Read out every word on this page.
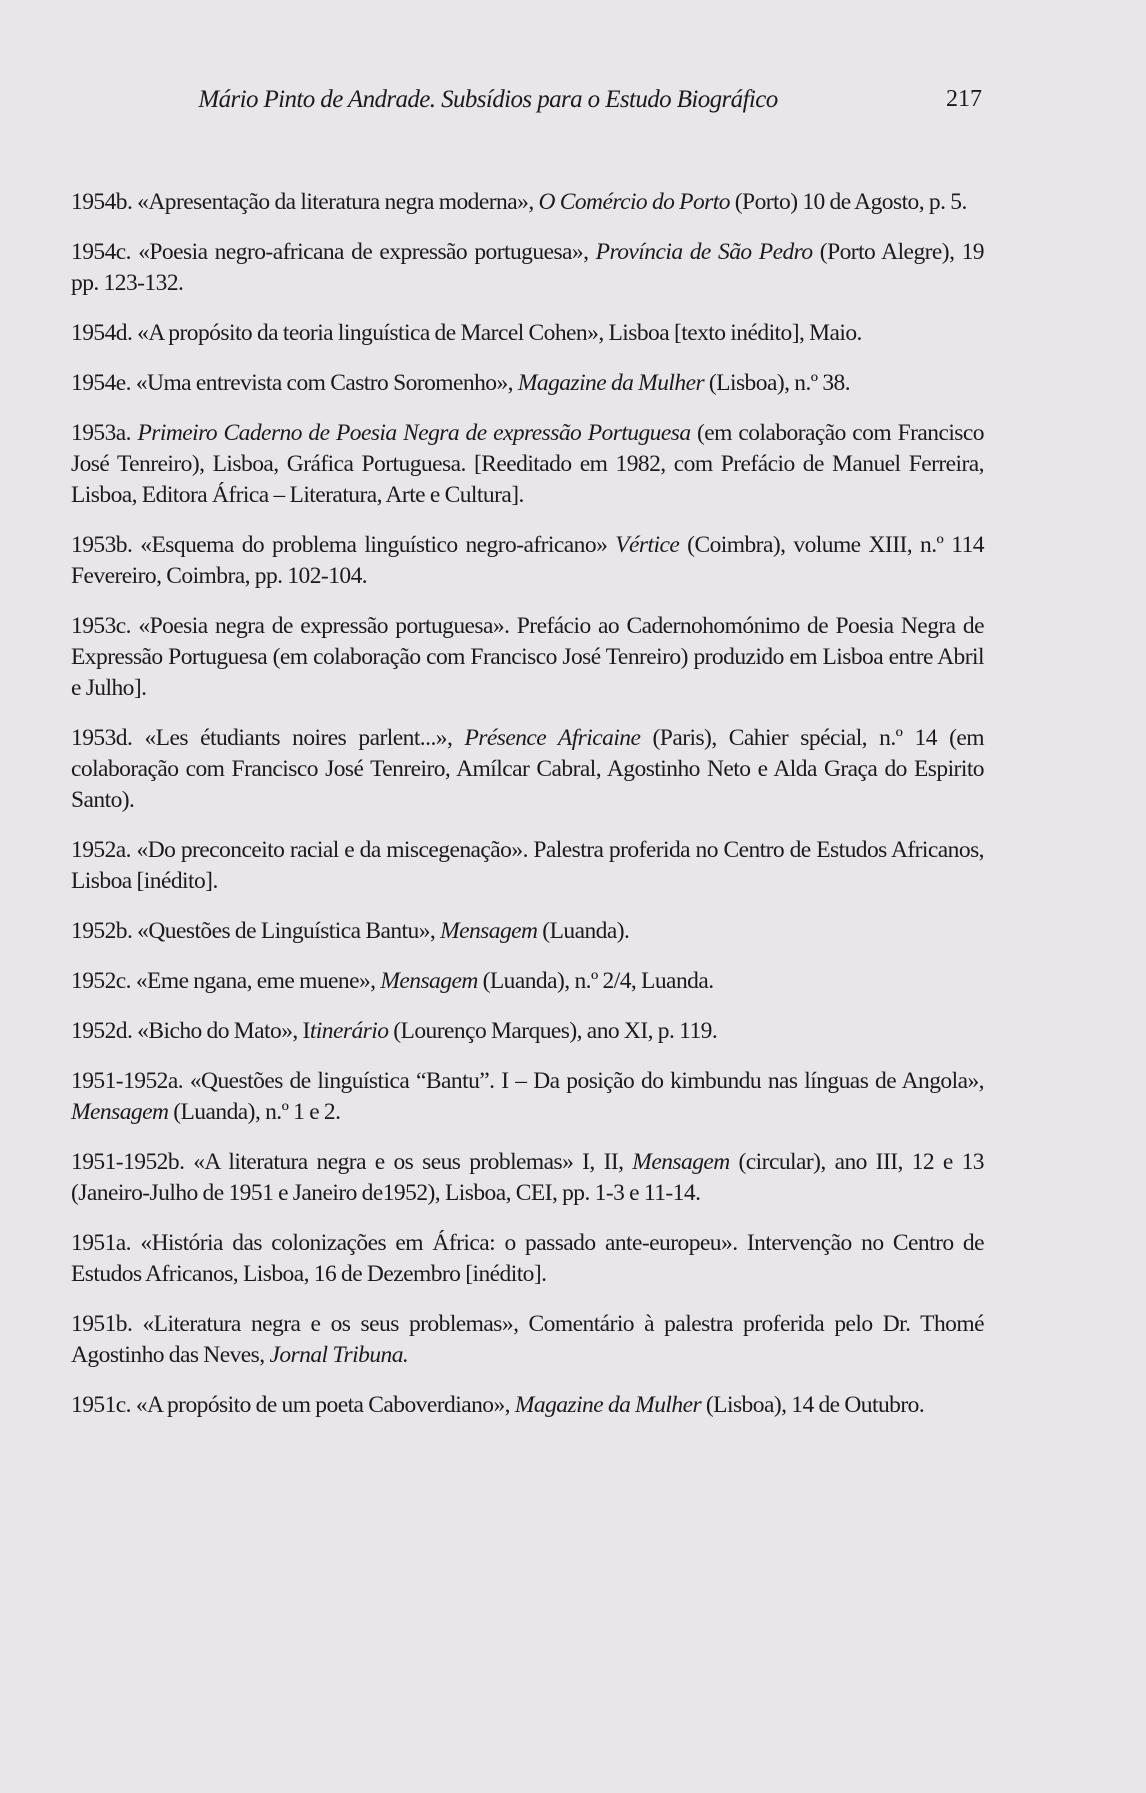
Mário Pinto de Andrade. Subsídios para o Estudo Biográfico	217

1954b. «Apresentação da literatura negra moderna», O Comércio do Porto (Porto) 10 de Agosto, p. 5.

1954c. «Poesia negro-africana de expressão portuguesa», Província de São Pedro (Porto Alegre), 19 pp. 123-132.

1954d. «A propósito da teoria linguística de Marcel Cohen», Lisboa [texto inédito], Maio.

1954e. «Uma entrevista com Castro Soromenho», Magazine da Mulher (Lisboa), n.º 38.

1953a. Primeiro Caderno de Poesia Negra de expressão Portuguesa (em colaboração com Francisco José Tenreiro), Lisboa, Gráfica Portuguesa. [Reeditado em 1982, com Prefácio de Manuel Ferreira, Lisboa, Editora África – Literatura, Arte e Cultura].

1953b. «Esquema do problema linguístico negro-africano» Vértice (Coimbra), volume XIII, n.º 114 Fevereiro, Coimbra, pp. 102-104.

1953c. «Poesia negra de expressão portuguesa». Prefácio ao Cadernohomónimo de Poesia Negra de Expressão Portuguesa (em colaboração com Francisco José Tenreiro) produzido em Lisboa entre Abril e Julho].

1953d. «Les étudiants noires parlent...», Présence Africaine (Paris), Cahier spécial, n.º 14 (em colaboração com Francisco José Tenreiro, Amílcar Cabral, Agostinho Neto e Alda Graça do Espirito Santo).

1952a. «Do preconceito racial e da miscegenação». Palestra proferida no Centro de Estudos Africanos, Lisboa [inédito].

1952b. «Questões de Linguística Bantu», Mensagem (Luanda).

1952c. «Eme ngana, eme muene», Mensagem (Luanda), n.º 2/4, Luanda.

1952d. «Bicho do Mato», Itinerário (Lourenço Marques), ano XI, p. 119.

1951-1952a. «Questões de linguística “Bantu”. I – Da posição do kimbundu nas línguas de Angola», Mensagem (Luanda), n.º 1 e 2.

1951-1952b. «A literatura negra e os seus problemas» I, II, Mensagem (circular), ano III, 12 e 13 (Janeiro-Julho de 1951 e Janeiro de1952), Lisboa, CEI, pp. 1-3 e 11-14.

1951a. «História das colonizações em África: o passado ante-europeu». Intervenção no Centro de Estudos Africanos, Lisboa, 16 de Dezembro [inédito].

1951b. «Literatura negra e os seus problemas», Comentário à palestra proferida pelo Dr. Thomé Agostinho das Neves, Jornal Tribuna.

1951c. «A propósito de um poeta Caboverdiano», Magazine da Mulher (Lisboa), 14 de Outubro.
